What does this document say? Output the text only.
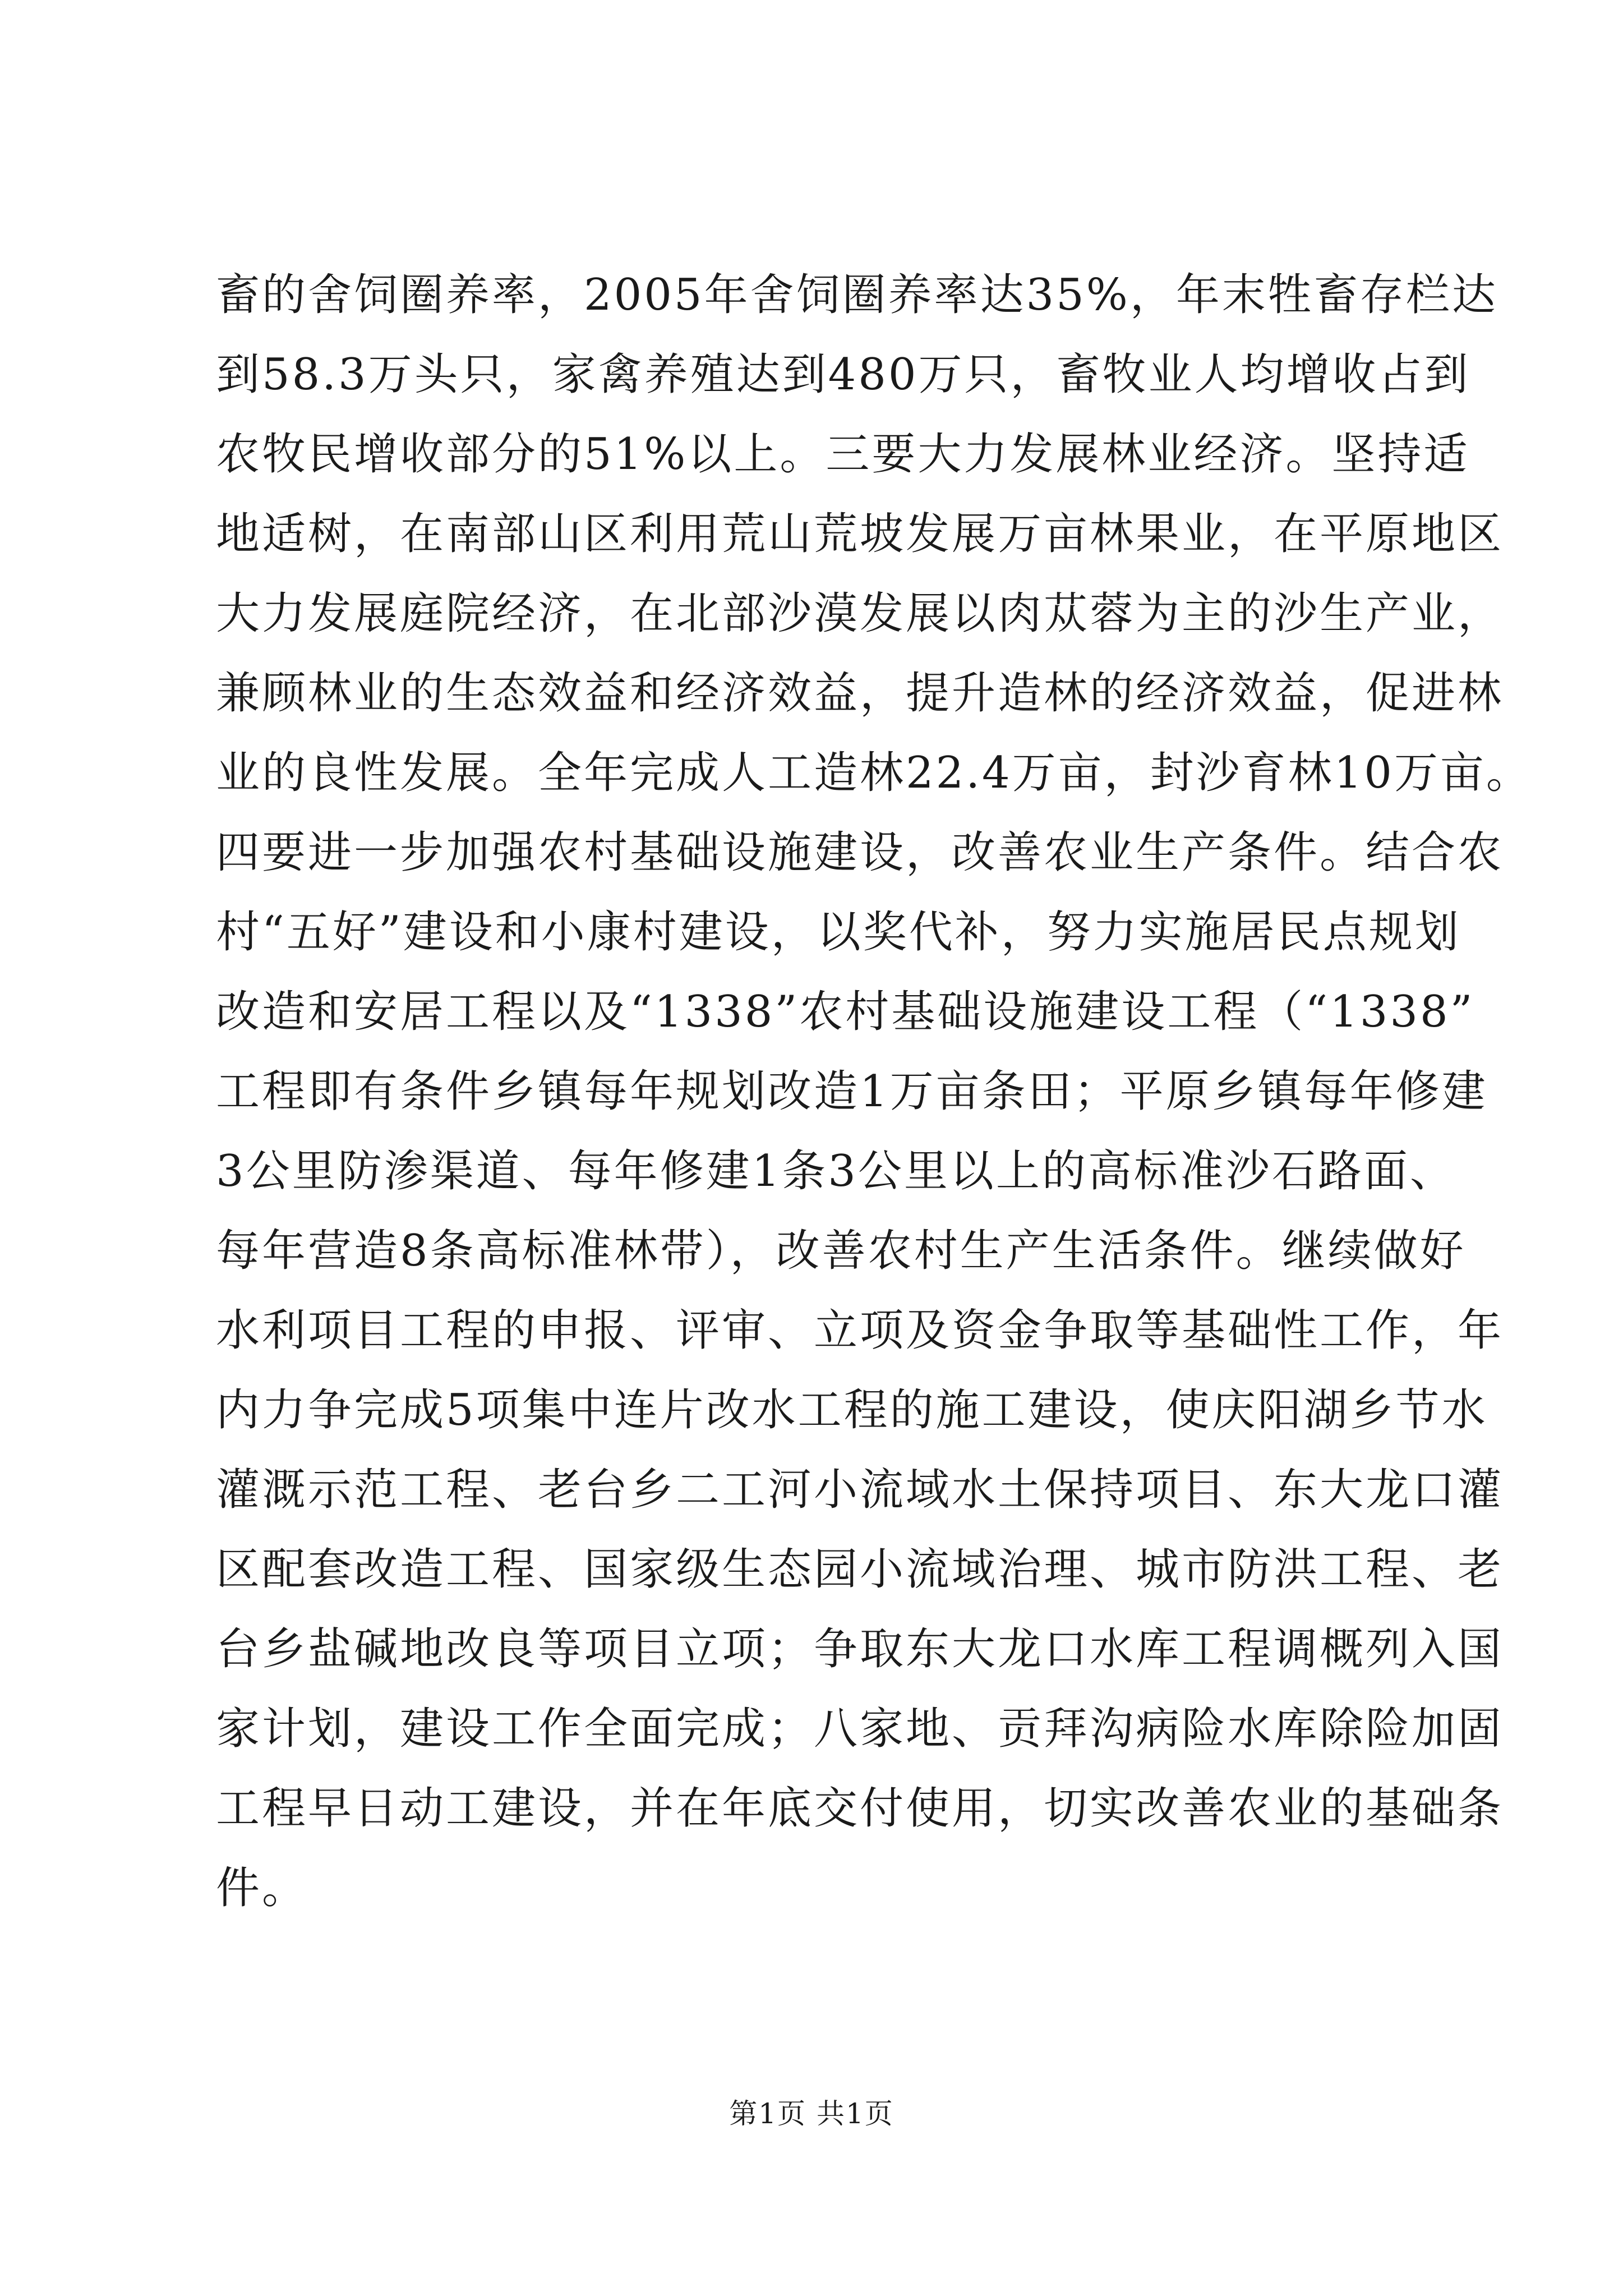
畜的舍饲圈养率，2005年舍饲圈养率达35%，年末牲畜存栏达
到58.3万头只，家禽养殖达到480万只，畜牧业人均增收占到
农牧民增收部分的51%以上。三要大力发展林业经济。坚持适
地适树，在南部山区利用荒山荒坡发展万亩林果业，在平原地区
大力发展庭院经济，在北部沙漠发展以肉苁蓉为主的沙生产业，
兼顾林业的生态效益和经济效益，提升造林的经济效益，促进林
业的良性发展。全年完成人工造林22.4万亩，封沙育林10万亩。
四要进一步加强农村基础设施建设，改善农业生产条件。结合农
村“五好”建设和小康村建设，以奖代补，努力实施居民点规划
改造和安居工程以及“1338”农村基础设施建设工程（“1338”
工程即有条件乡镇每年规划改造1万亩条田；平原乡镇每年修建
3公里防渗渠道、每年修建1条3公里以上的高标准沙石路面、
每年营造8条高标准林带），改善农村生产生活条件。继续做好
水利项目工程的申报、评审、立项及资金争取等基础性工作，年
内力争完成5项集中连片改水工程的施工建设，使庆阳湖乡节水
灌溉示范工程、老台乡二工河小流域水土保持项目、东大龙口灌
区配套改造工程、国家级生态园小流域治理、城市防洪工程、老
台乡盐碱地改良等项目立项；争取东大龙口水库工程调概列入国
家计划，建设工作全面完成；八家地、贡拜沟病险水库除险加固
工程早日动工建设，并在年底交付使用，切实改善农业的基础条
件。
第1页 共1页
